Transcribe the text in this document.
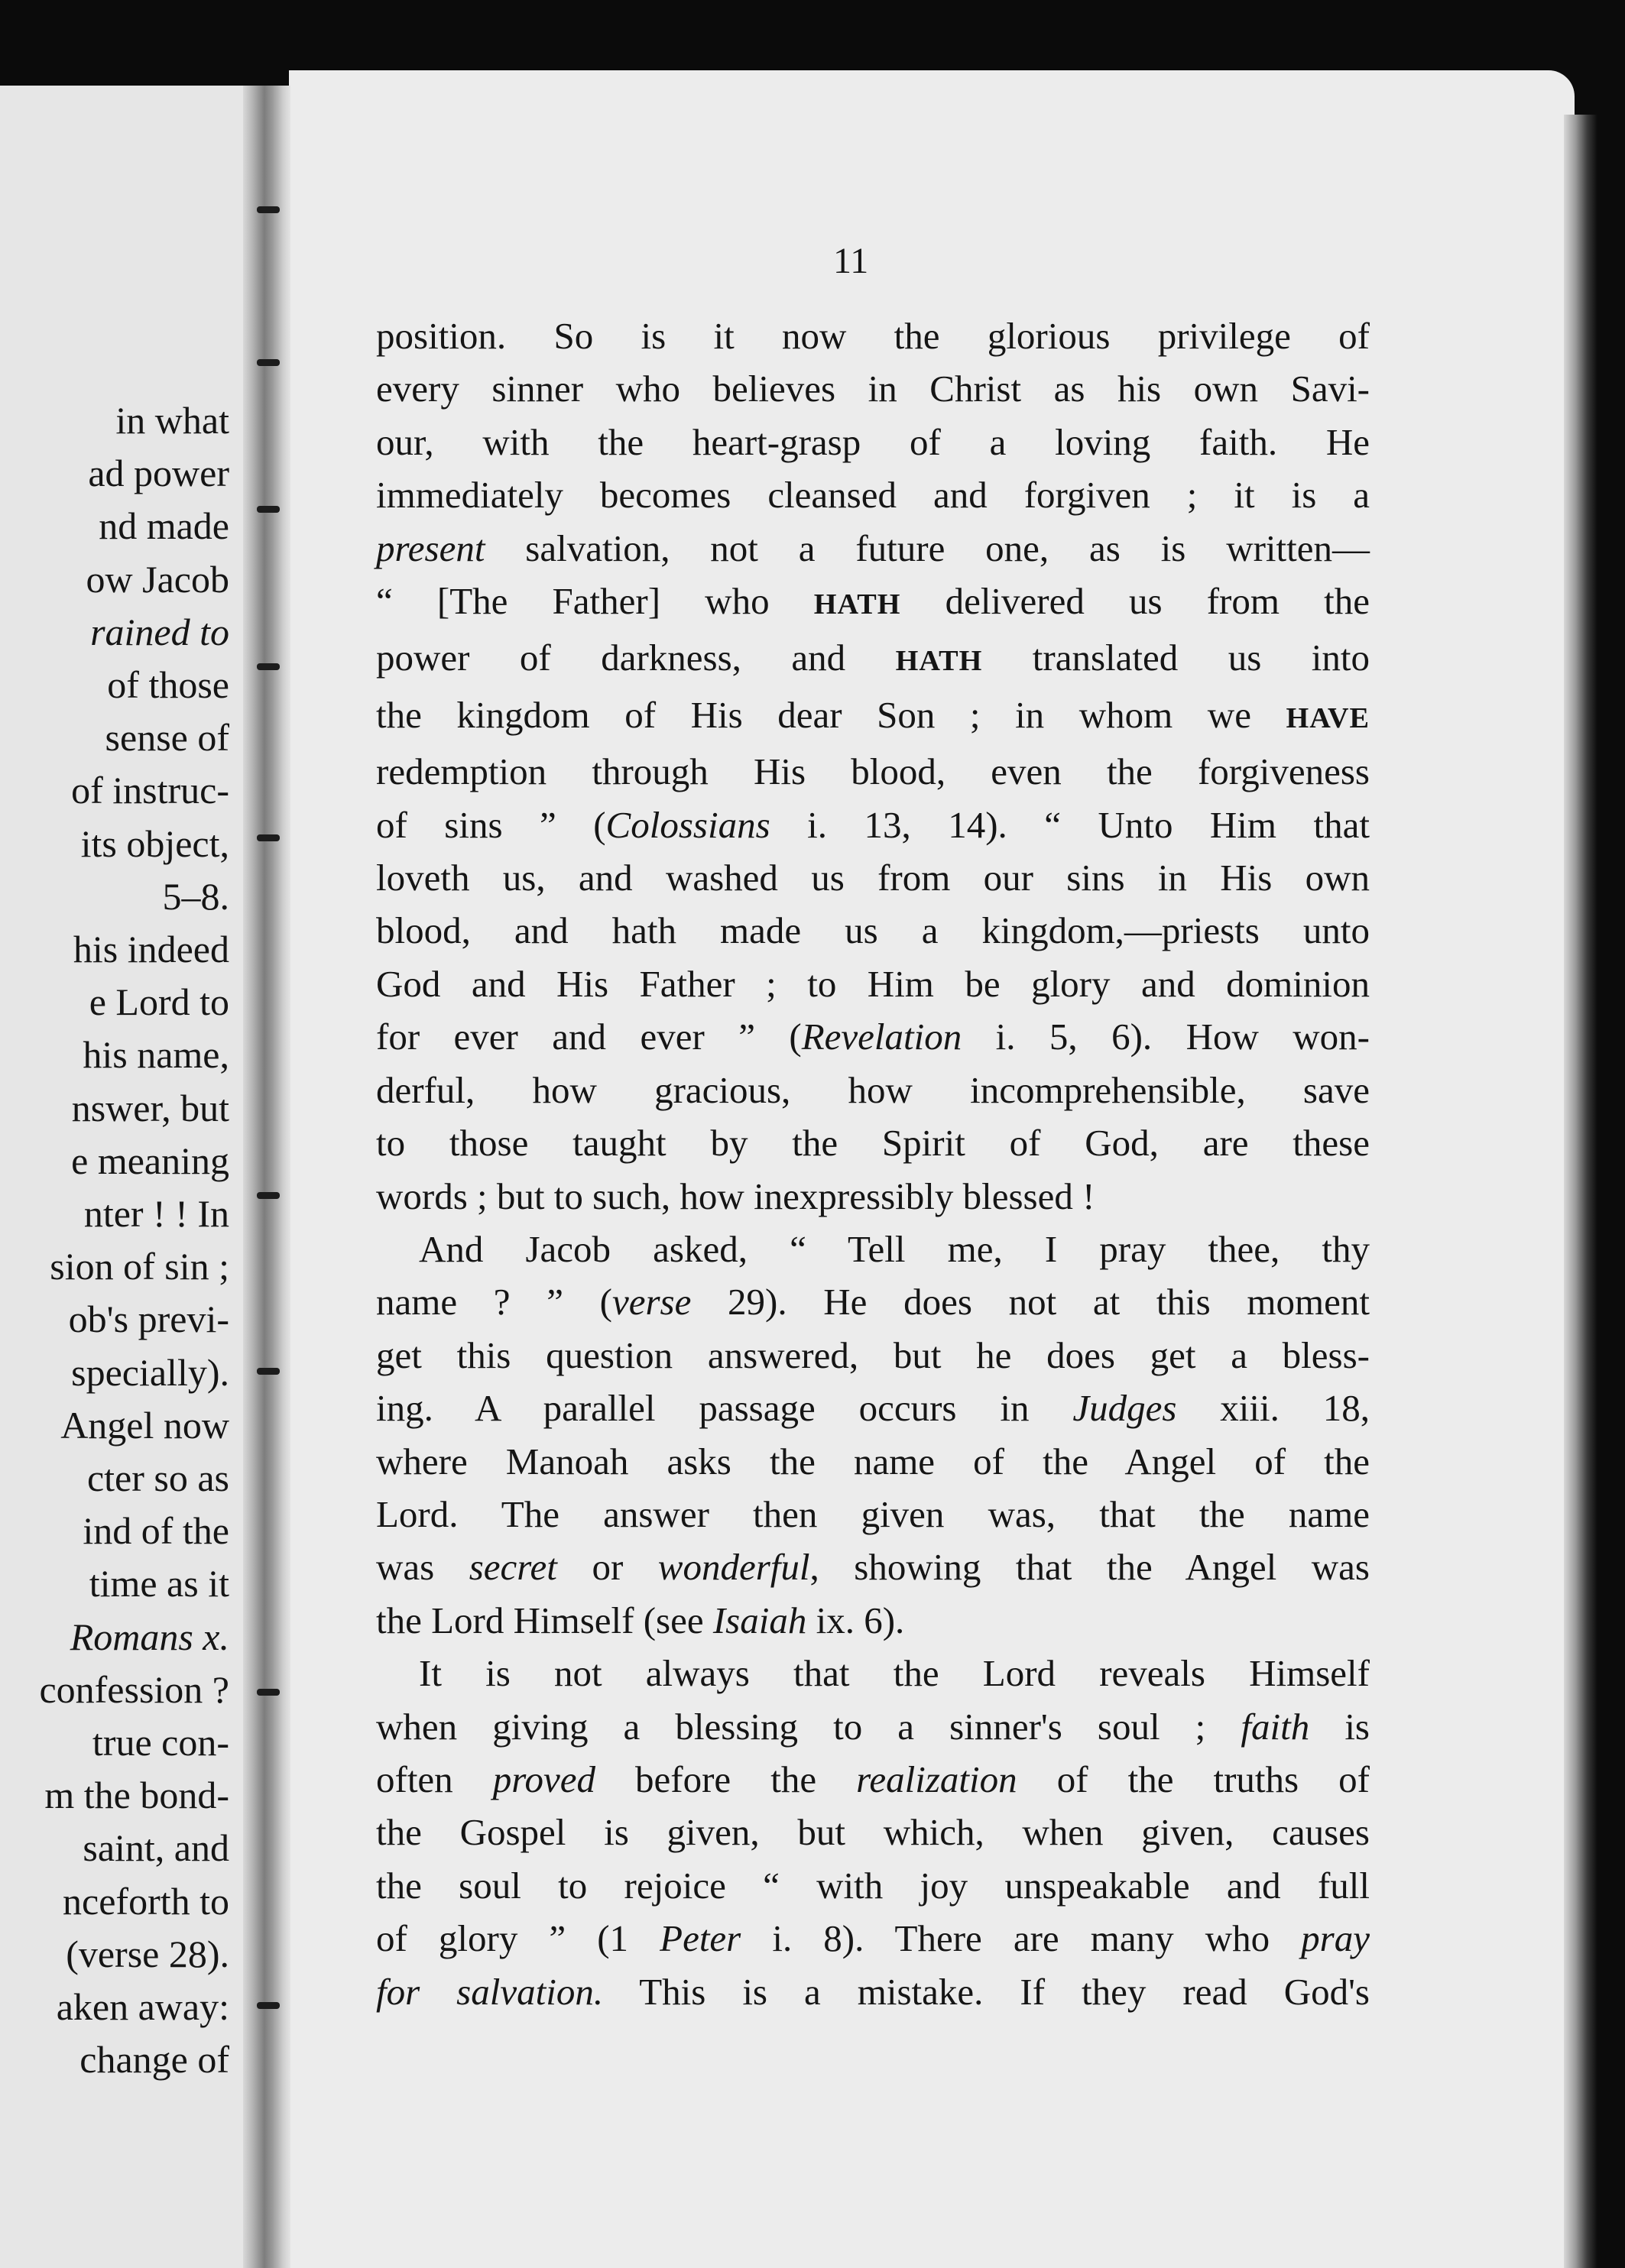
in what
ad power
nd made
ow Jacob
rained to
of those
sense of
of instruc-
its object,
5–8.
his indeed
e Lord to
his name,
nswer, but
e meaning
nter ! ! In
sion of sin ;
ob's previ-
specially).
Angel now
cter so as
ind of the
time as it
Romans x.
confession ?
true con-
m the bond-
saint, and
nceforth to
(verse 28).
aken away:
change of
11
position. So is it now the glorious privilege of
every sinner who believes in Christ as his own Savi-
our, with the heart-grasp of a loving faith. He
immediately becomes cleansed and forgiven ; it is a
present salvation, not a future one, as is written—
“ [The Father] who HATH delivered us from the
power of darkness, and HATH translated us into
the kingdom of His dear Son ; in whom we HAVE
redemption through His blood, even the forgiveness
of sins ” (Colossians i. 13, 14). “ Unto Him that
loveth us, and washed us from our sins in His own
blood, and hath made us a kingdom,—priests unto
God and His Father ; to Him be glory and dominion
for ever and ever ” (Revelation i. 5, 6). How won-
derful, how gracious, how incomprehensible, save
to those taught by the Spirit of God, are these
words ; but to such, how inexpressibly blessed !
And Jacob asked, “ Tell me, I pray thee, thy
name ? ” (verse 29). He does not at this moment
get this question answered, but he does get a bless-
ing. A parallel passage occurs in Judges xiii. 18,
where Manoah asks the name of the Angel of the
Lord. The answer then given was, that the name
was secret or wonderful, showing that the Angel was
the Lord Himself (see Isaiah ix. 6).
It is not always that the Lord reveals Himself
when giving a blessing to a sinner's soul ; faith is
often proved before the realization of the truths of
the Gospel is given, but which, when given, causes
the soul to rejoice “ with joy unspeakable and full
of glory ” (1 Peter i. 8). There are many who pray
for salvation. This is a mistake. If they read God's
